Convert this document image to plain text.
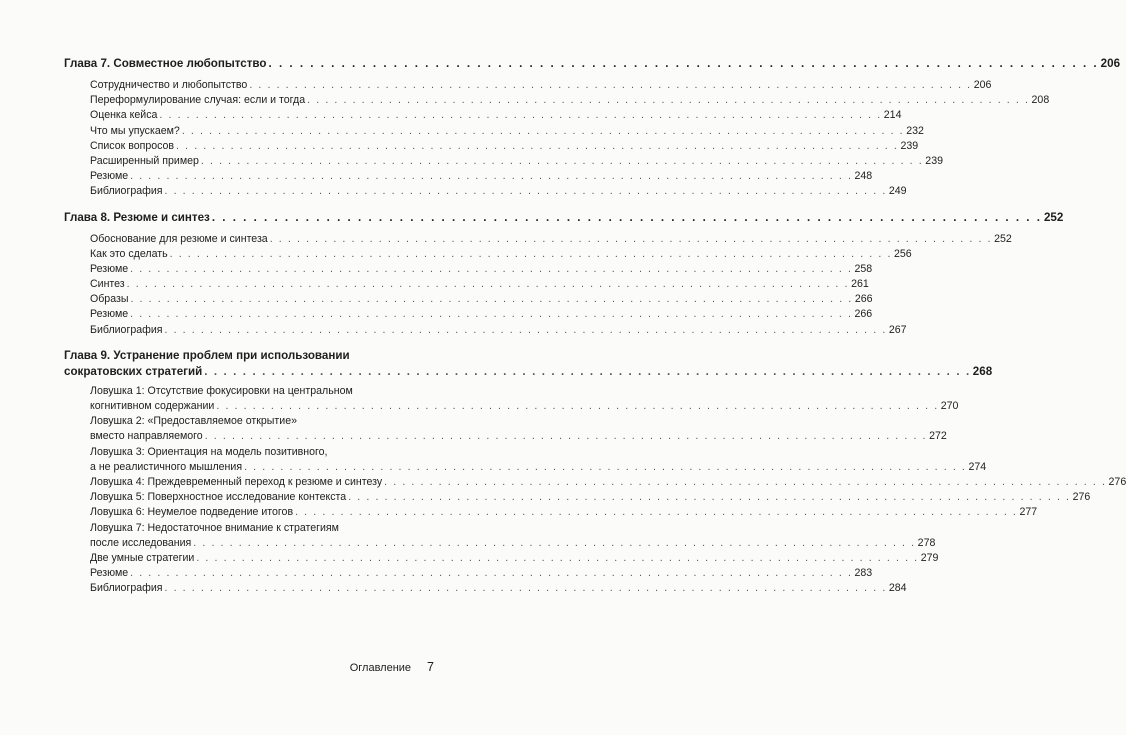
Глава 7. Совместное любопытство . . . . . . . . . . . . . . . . . . . . . . . . . . . . . . . . . . . . . . . . . . . . . . . . . . . . . . . . . . . . . . . . . . . . . . . . . . . . . . . . 206
Сотрудничество и любопытство . . . . . . . . . . . . . . . . . . . . . . . . . . . . . . . . . . . . . . . . . . . . . . . . . . . . . . . . . . . . . . . . . . . . . . . . . . . . . . . . 206
Переформулирование случая: если и тогда . . . . . . . . . . . . . . . . . . . . . . . . . . . . . . . . . . . . . . . . . . . . . . . . . . . . . . . . . . . . . . . . . . . . . . . . . . . . . . . . 208
Оценка кейса . . . . . . . . . . . . . . . . . . . . . . . . . . . . . . . . . . . . . . . . . . . . . . . . . . . . . . . . . . . . . . . . . . . . . . . . . . . . . . . . 214
Что мы упускаем? . . . . . . . . . . . . . . . . . . . . . . . . . . . . . . . . . . . . . . . . . . . . . . . . . . . . . . . . . . . . . . . . . . . . . . . . . . . . . . . . 232
Список вопросов . . . . . . . . . . . . . . . . . . . . . . . . . . . . . . . . . . . . . . . . . . . . . . . . . . . . . . . . . . . . . . . . . . . . . . . . . . . . . . . . 239
Расширенный пример . . . . . . . . . . . . . . . . . . . . . . . . . . . . . . . . . . . . . . . . . . . . . . . . . . . . . . . . . . . . . . . . . . . . . . . . . . . . . . . . 239
Резюме . . . . . . . . . . . . . . . . . . . . . . . . . . . . . . . . . . . . . . . . . . . . . . . . . . . . . . . . . . . . . . . . . . . . . . . . . . . . . . . . 248
Библиография . . . . . . . . . . . . . . . . . . . . . . . . . . . . . . . . . . . . . . . . . . . . . . . . . . . . . . . . . . . . . . . . . . . . . . . . . . . . . . . . 249
Глава 8. Резюме и синтез . . . . . . . . . . . . . . . . . . . . . . . . . . . . . . . . . . . . . . . . . . . . . . . . . . . . . . . . . . . . . . . . . . . . . . . . . . . . . . . . 252
Обоснование для резюме и синтеза . . . . . . . . . . . . . . . . . . . . . . . . . . . . . . . . . . . . . . . . . . . . . . . . . . . . . . . . . . . . . . . . . . . . . . . . . . . . . . . . 252
Как это сделать . . . . . . . . . . . . . . . . . . . . . . . . . . . . . . . . . . . . . . . . . . . . . . . . . . . . . . . . . . . . . . . . . . . . . . . . . . . . . . . . 256
Резюме . . . . . . . . . . . . . . . . . . . . . . . . . . . . . . . . . . . . . . . . . . . . . . . . . . . . . . . . . . . . . . . . . . . . . . . . . . . . . . . . 258
Синтез . . . . . . . . . . . . . . . . . . . . . . . . . . . . . . . . . . . . . . . . . . . . . . . . . . . . . . . . . . . . . . . . . . . . . . . . . . . . . . . . 261
Образы . . . . . . . . . . . . . . . . . . . . . . . . . . . . . . . . . . . . . . . . . . . . . . . . . . . . . . . . . . . . . . . . . . . . . . . . . . . . . . . . 266
Резюме . . . . . . . . . . . . . . . . . . . . . . . . . . . . . . . . . . . . . . . . . . . . . . . . . . . . . . . . . . . . . . . . . . . . . . . . . . . . . . . . 266
Библиография . . . . . . . . . . . . . . . . . . . . . . . . . . . . . . . . . . . . . . . . . . . . . . . . . . . . . . . . . . . . . . . . . . . . . . . . . . . . . . . . 267
Глава 9. Устранение проблем при использовании
сократовских стратегий . . . . . . . . . . . . . . . . . . . . . . . . . . . . . . . . . . . . . . . . . . . . . . . . . . . . . . . . . . . . . . . . . . . . . . . . . . . . . . . . 268
Ловушка 1: Отсутствие фокусировки на центральном
когнитивном содержании . . . . . . . . . . . . . . . . . . . . . . . . . . . . . . . . . . . . . . . . . . . . . . . . . . . . . . . . . . . . . . . . . . . . . . . . . . . . . . . . 270
Ловушка 2: «Предоставляемое открытие»
вместо направляемого . . . . . . . . . . . . . . . . . . . . . . . . . . . . . . . . . . . . . . . . . . . . . . . . . . . . . . . . . . . . . . . . . . . . . . . . . . . . . . . . 272
Ловушка 3: Ориентация на модель позитивного,
а не реалистичного мышления . . . . . . . . . . . . . . . . . . . . . . . . . . . . . . . . . . . . . . . . . . . . . . . . . . . . . . . . . . . . . . . . . . . . . . . . . . . . . . . . 274
Ловушка 4: Преждевременный переход к резюме и синтезу . . . . . . . . . . . . . . . . . . . . . . . . . . . . . . . . . . . . . . . . . . . . . . . . . . . . . . . . . . . . . . . . . . . . . . . . . . . . . . . . 276
Ловушка 5: Поверхностное исследование контекста . . . . . . . . . . . . . . . . . . . . . . . . . . . . . . . . . . . . . . . . . . . . . . . . . . . . . . . . . . . . . . . . . . . . . . . . . . . . . . . . 276
Ловушка 6: Неумелое подведение итогов . . . . . . . . . . . . . . . . . . . . . . . . . . . . . . . . . . . . . . . . . . . . . . . . . . . . . . . . . . . . . . . . . . . . . . . . . . . . . . . . 277
Ловушка 7: Недостаточное внимание к стратегиям
после исследования . . . . . . . . . . . . . . . . . . . . . . . . . . . . . . . . . . . . . . . . . . . . . . . . . . . . . . . . . . . . . . . . . . . . . . . . . . . . . . . . 278
Две умные стратегии . . . . . . . . . . . . . . . . . . . . . . . . . . . . . . . . . . . . . . . . . . . . . . . . . . . . . . . . . . . . . . . . . . . . . . . . . . . . . . . . 279
Резюме . . . . . . . . . . . . . . . . . . . . . . . . . . . . . . . . . . . . . . . . . . . . . . . . . . . . . . . . . . . . . . . . . . . . . . . . . . . . . . . . 283
Библиография . . . . . . . . . . . . . . . . . . . . . . . . . . . . . . . . . . . . . . . . . . . . . . . . . . . . . . . . . . . . . . . . . . . . . . . . . . . . . . . . 284
Оглавление 7
